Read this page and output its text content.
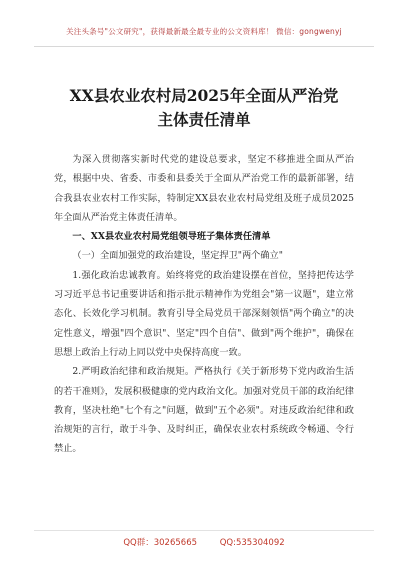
关注头条号"公文研究"，获得最新最全最专业的公文资料库！ 微信：gongwenyj
XX县农业农村局2025年全面从严治党
主体责任清单

为深入贯彻落实新时代党的建设总要求，坚定不移推进全面从严治党，根据中央、省委、市委和县委关于全面从严治党工作的最新部署，结合我县农业农村工作实际，特制定XX县农业农村局党组及班子成员2025年全面从严治党主体责任清单。

一、XX县农业农村局党组领导班子集体责任清单

（一）全面加强党的政治建设，坚定捍卫"两个确立"

1.强化政治忠诚教育。始终将党的政治建设摆在首位，坚持把传达学习习近平总书记重要讲话和指示批示精神作为党组会"第一议题"，建立常态化、长效化学习机制。教育引导全局党员干部深刻领悟"两个确立"的决定性意义，增强"四个意识"、坚定"四个自信"、做到"两个维护"，确保在思想上政治上行动上同以党中央保持高度一致。

2.严明政治纪律和政治规矩。严格执行《关于新形势下党内政治生活的若干准则》，发展积极健康的党内政治文化。加强对党员干部的政治纪律教育，坚决杜绝"七个有之"问题，做到"五个必须"。对违反政治纪律和政治规矩的言行，敢于斗争、及时纠正，确保农业农村系统政令畅通、令行禁止。

QQ群：30265665	QQ:535304092
